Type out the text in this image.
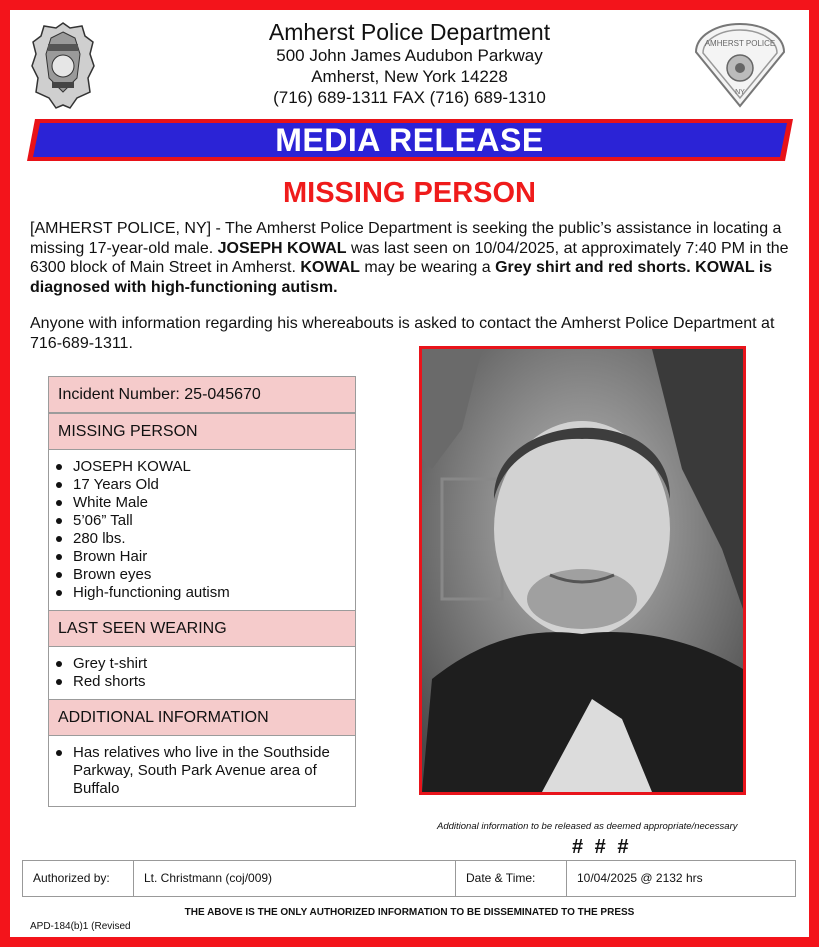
AMHERST POLICE
NY
Amherst Police Department
500 John James Audubon Parkway
Amherst, New York 14228
(716) 689-1311 FAX (716) 689-1310
MEDIA RELEASE
MISSING PERSON
[AMHERST POLICE, NY] - The Amherst Police Department is seeking the public’s assistance in locating a missing 17-year-old male. JOSEPH KOWAL was last seen on 10/04/2025, at approximately 7:40 PM in the 6300 block of Main Street in Amherst. KOWAL may be wearing a Grey shirt and red shorts. KOWAL is diagnosed with high-functioning autism.
Anyone with information regarding his whereabouts is asked to contact the Amherst Police Department at 716-689-1311.
Incident Number: 25-045670
MISSING PERSON
JOSEPH KOWAL
17 Years Old
White Male
5’06” Tall
280 lbs.
Brown Hair
Brown eyes
High-functioning autism
LAST SEEN WEARING
Grey t-shirt
Red shorts
ADDITIONAL INFORMATION
Has relatives who live in the Southside Parkway, South Park Avenue area of Buffalo
Additional information to be released as deemed appropriate/necessary
# # #
Authorized by:	Lt. Christmann (coj/009)	Date & Time:	10/04/2025 @ 2132 hrs
THE ABOVE IS THE ONLY AUTHORIZED INFORMATION TO BE DISSEMINATED TO THE PRESS
APD-184(b)1 (Revised
